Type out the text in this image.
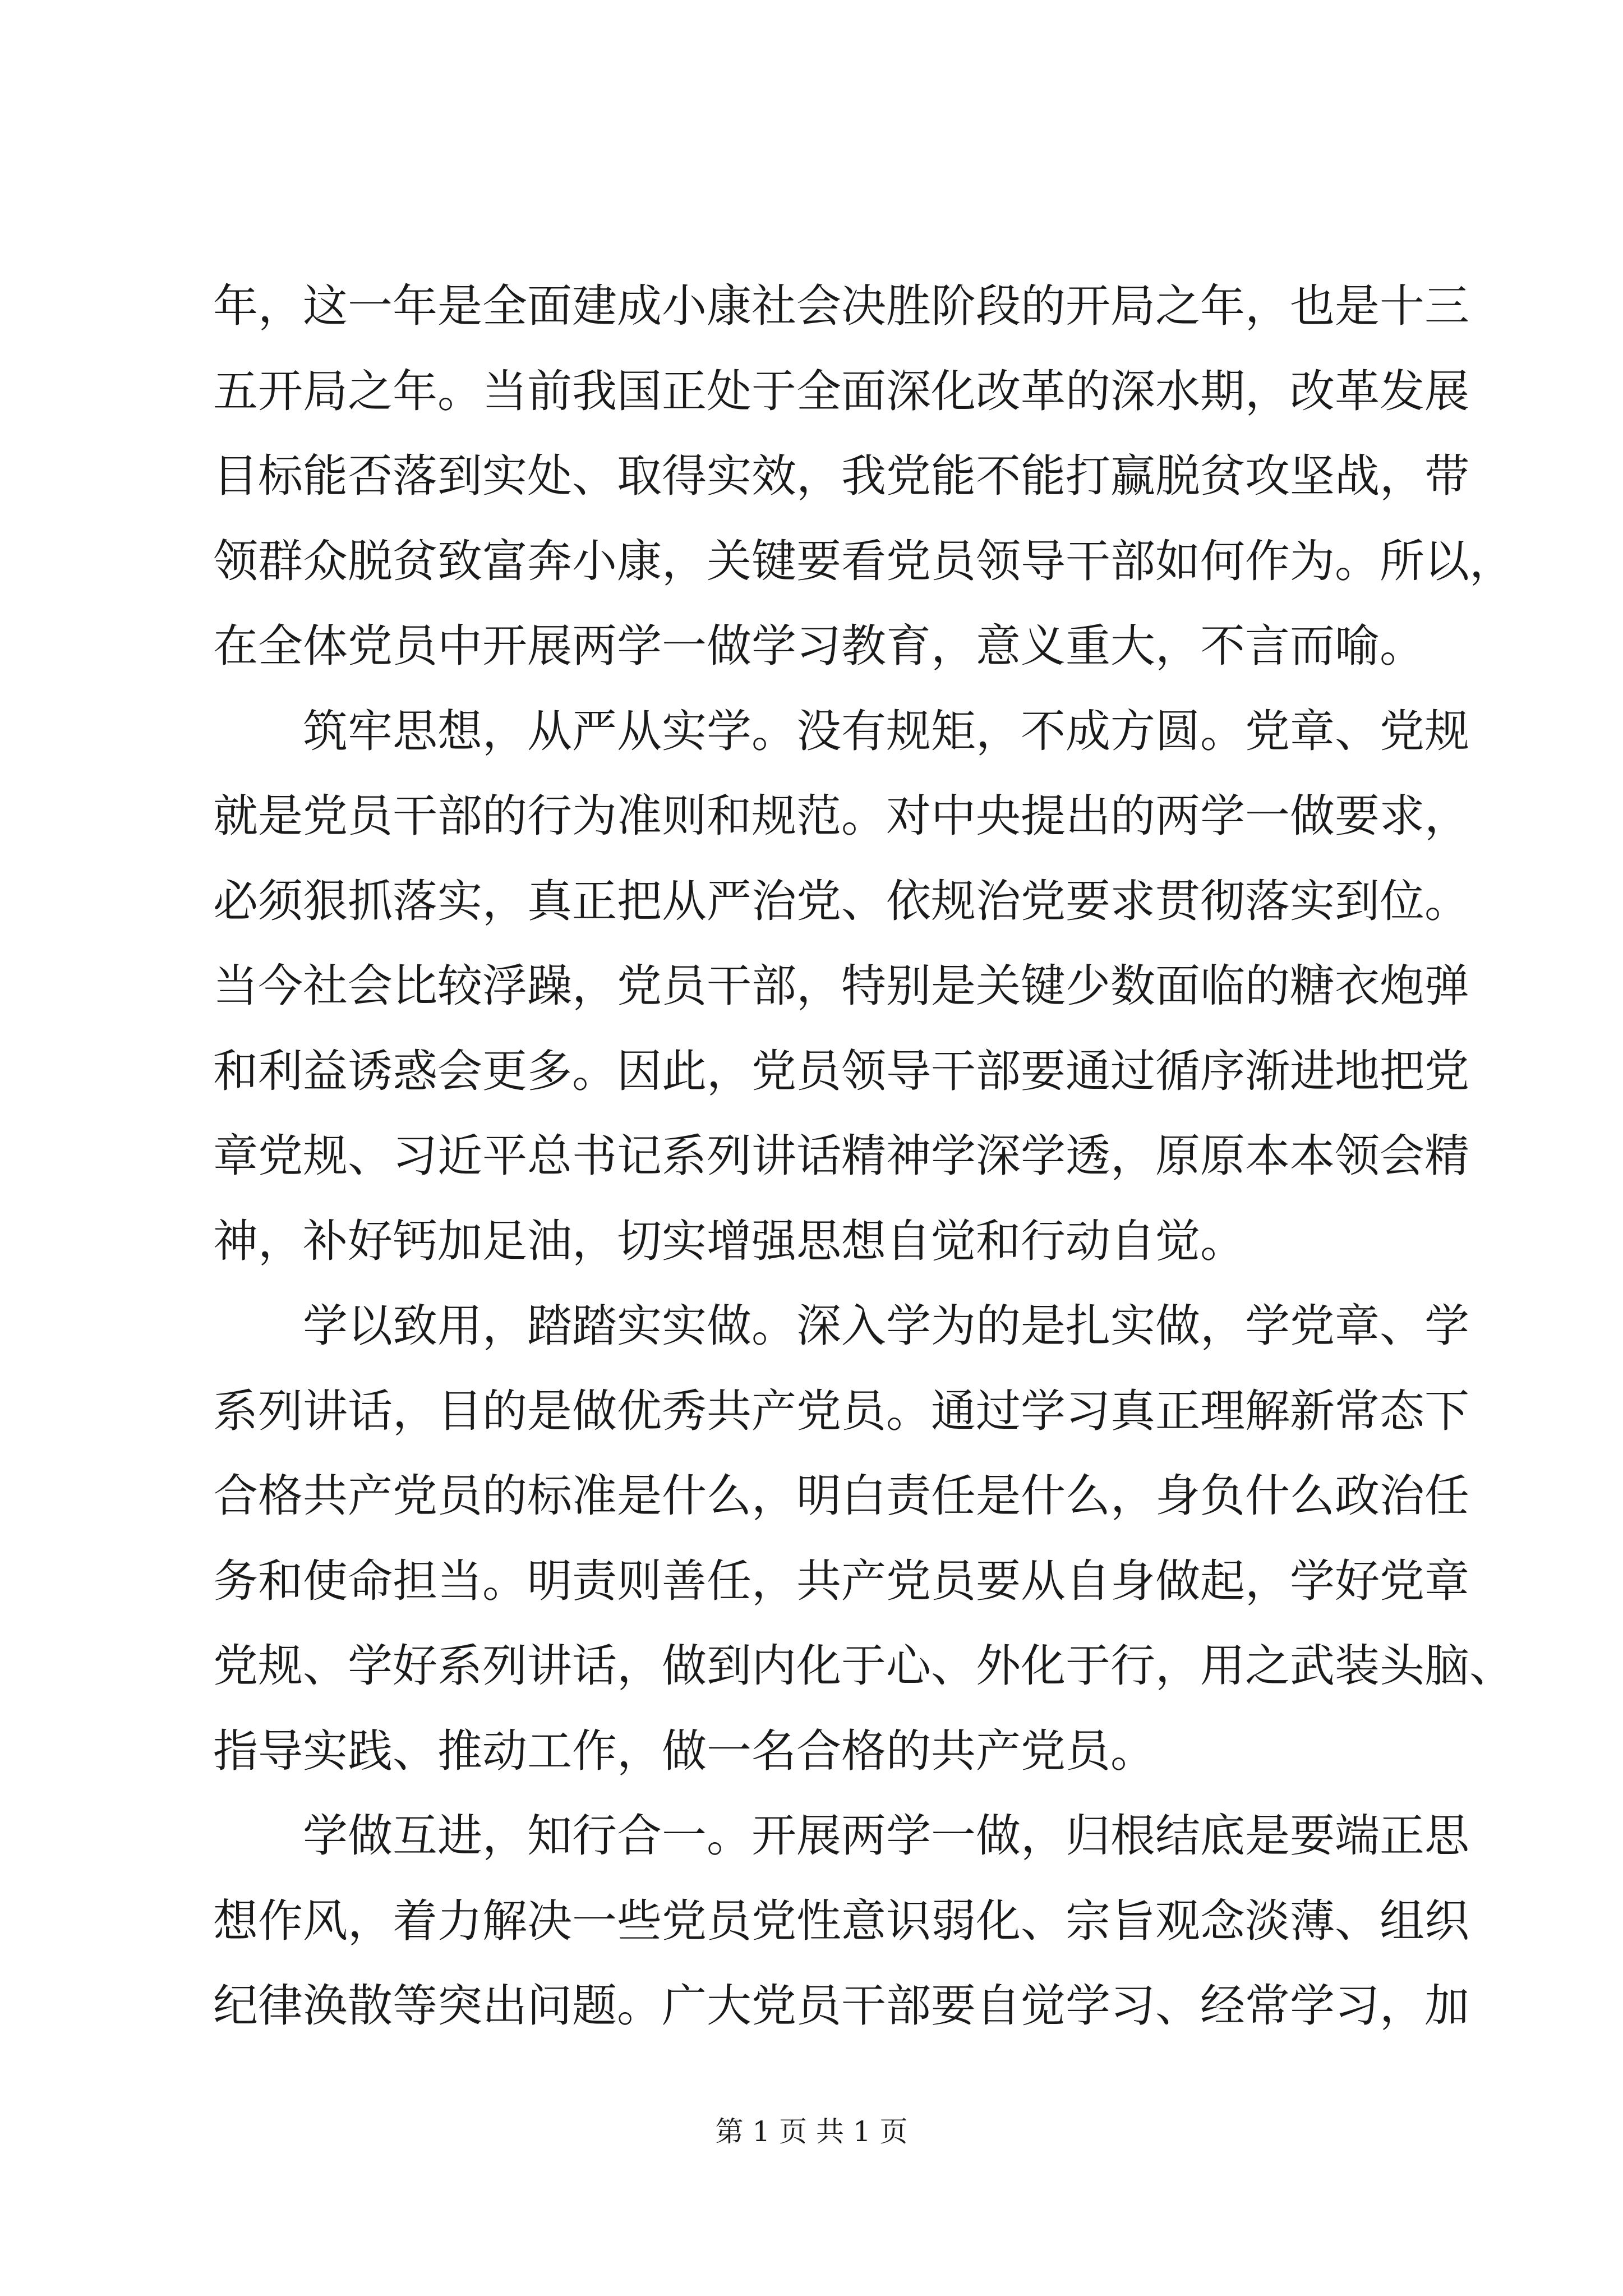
年，这一年是全面建成小康社会决胜阶段的开局之年，也是十三
五开局之年。当前我国正处于全面深化改革的深水期，改革发展
目标能否落到实处、取得实效，我党能不能打赢脱贫攻坚战，带
领群众脱贫致富奔小康，关键要看党员领导干部如何作为。所以，
在全体党员中开展两学一做学习教育，意义重大，不言而喻。
筑牢思想，从严从实学。没有规矩，不成方圆。党章、党规
就是党员干部的行为准则和规范。对中央提出的两学一做要求，
必须狠抓落实，真正把从严治党、依规治党要求贯彻落实到位。
当今社会比较浮躁，党员干部，特别是关键少数面临的糖衣炮弹
和利益诱惑会更多。因此，党员领导干部要通过循序渐进地把党
章党规、习近平总书记系列讲话精神学深学透，原原本本领会精
神，补好钙加足油，切实增强思想自觉和行动自觉。
学以致用，踏踏实实做。深入学为的是扎实做，学党章、学
系列讲话，目的是做优秀共产党员。通过学习真正理解新常态下
合格共产党员的标准是什么，明白责任是什么，身负什么政治任
务和使命担当。明责则善任，共产党员要从自身做起，学好党章
党规、学好系列讲话，做到内化于心、外化于行，用之武装头脑、
指导实践、推动工作，做一名合格的共产党员。
学做互进，知行合一。开展两学一做，归根结底是要端正思
想作风，着力解决一些党员党性意识弱化、宗旨观念淡薄、组织
纪律涣散等突出问题。广大党员干部要自觉学习、经常学习，加
第 1 页 共 1 页
